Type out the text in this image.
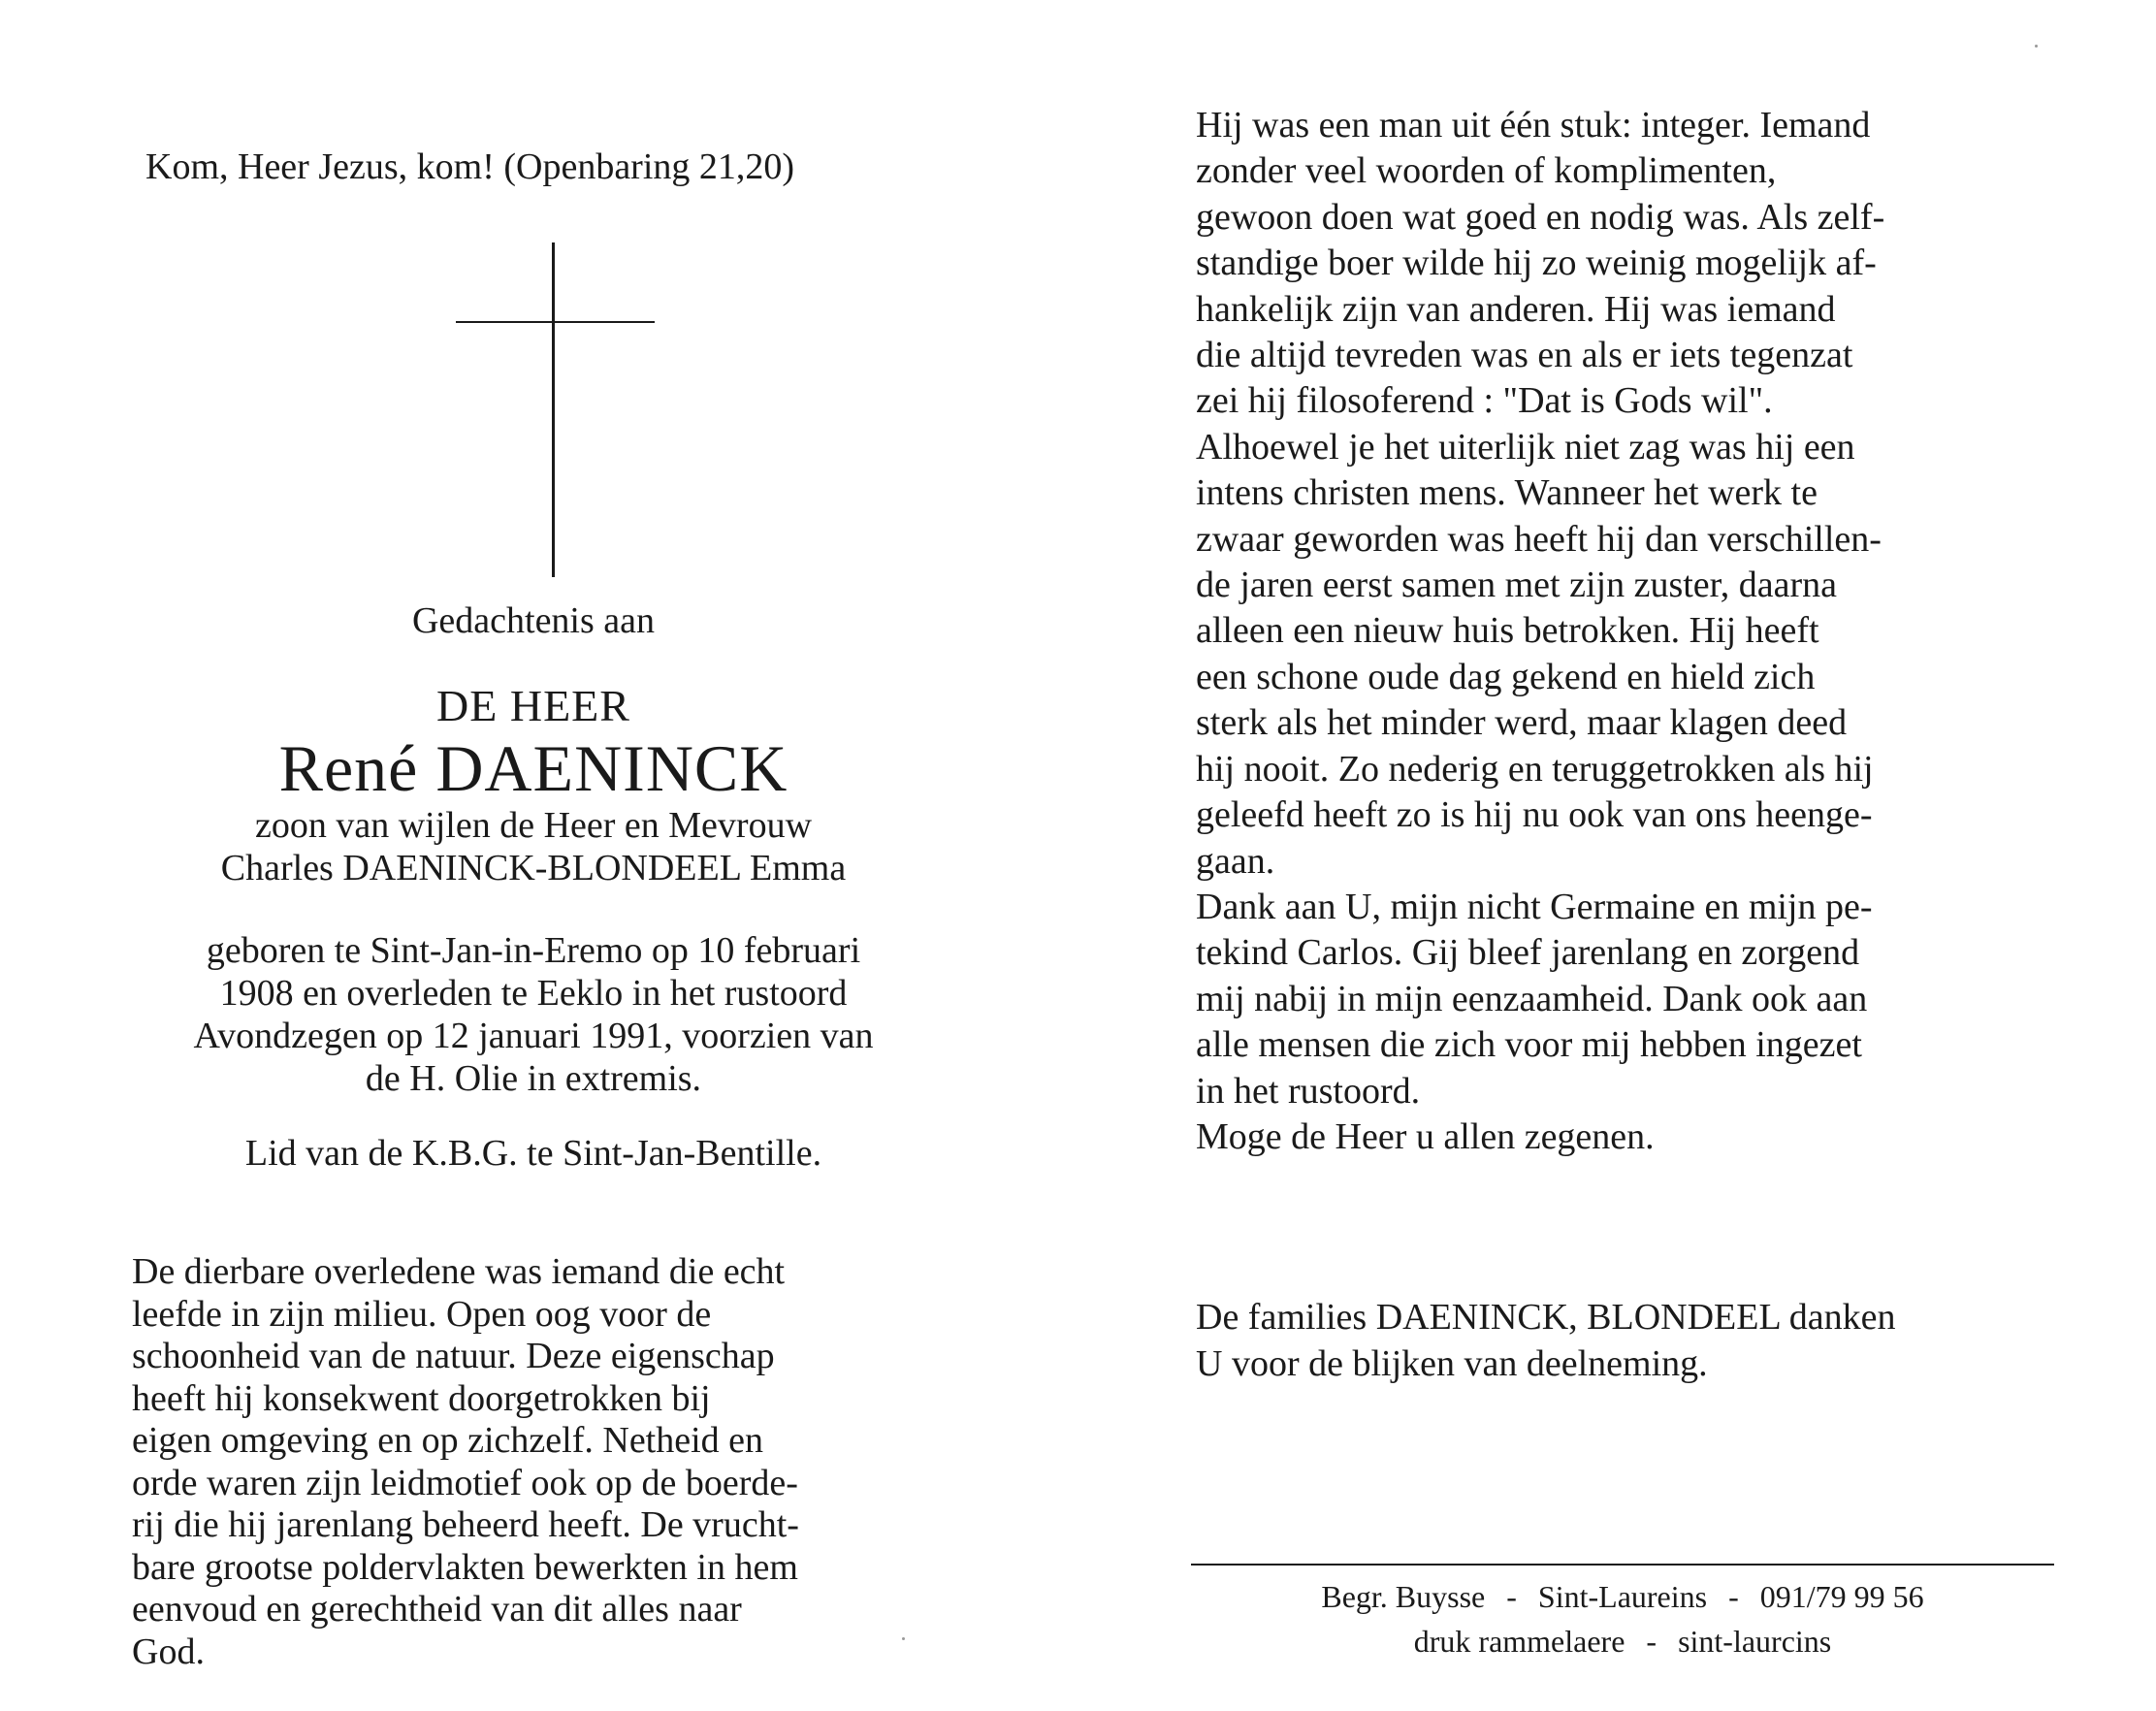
Kom, Heer Jezus, kom! (Openbaring 21,20)
Gedachtenis aan
DE HEER
René DAENINCK
zoon van wijlen de Heer en Mevrouw
Charles DAENINCK-BLONDEEL Emma
geboren te Sint-Jan-in-Eremo op 10 februari
1908 en overleden te Eeklo in het rustoord
Avondzegen op 12 januari 1991, voorzien van
de H. Olie in extremis.
Lid van de K.B.G. te Sint-Jan-Bentille.
De dierbare overledene was iemand die echt
leefde in zijn milieu. Open oog voor de
schoonheid van de natuur. Deze eigenschap
heeft hij konsekwent doorgetrokken bij
eigen omgeving en op zichzelf. Netheid en
orde waren zijn leidmotief ook op de boerde-
rij die hij jarenlang beheerd heeft. De vrucht-
bare grootse poldervlakten bewerkten in hem
eenvoud en gerechtheid van dit alles naar
God.
Hij was een man uit één stuk: integer. Iemand
zonder veel woorden of komplimenten,
gewoon doen wat goed en nodig was. Als zelf-
standige boer wilde hij zo weinig mogelijk af-
hankelijk zijn van anderen. Hij was iemand
die altijd tevreden was en als er iets tegenzat
zei hij filosoferend : "Dat is Gods wil".
Alhoewel je het uiterlijk niet zag was hij een
intens christen mens. Wanneer het werk te
zwaar geworden was heeft hij dan verschillen-
de jaren eerst samen met zijn zuster, daarna
alleen een nieuw huis betrokken. Hij heeft
een schone oude dag gekend en hield zich
sterk als het minder werd, maar klagen deed
hij nooit. Zo nederig en teruggetrokken als hij
geleefd heeft zo is hij nu ook van ons heenge-
gaan.
Dank aan U, mijn nicht Germaine en mijn pe-
tekind Carlos. Gij bleef jarenlang en zorgend
mij nabij in mijn eenzaamheid. Dank ook aan
alle mensen die zich voor mij hebben ingezet
in het rustoord.
Moge de Heer u allen zegenen.
De families DAENINCK, BLONDEEL danken
U voor de blijken van deelneming.
Begr. Buysse - Sint-Laureins - 091/79 99 56
druk rammelaere - sint-laurcins
